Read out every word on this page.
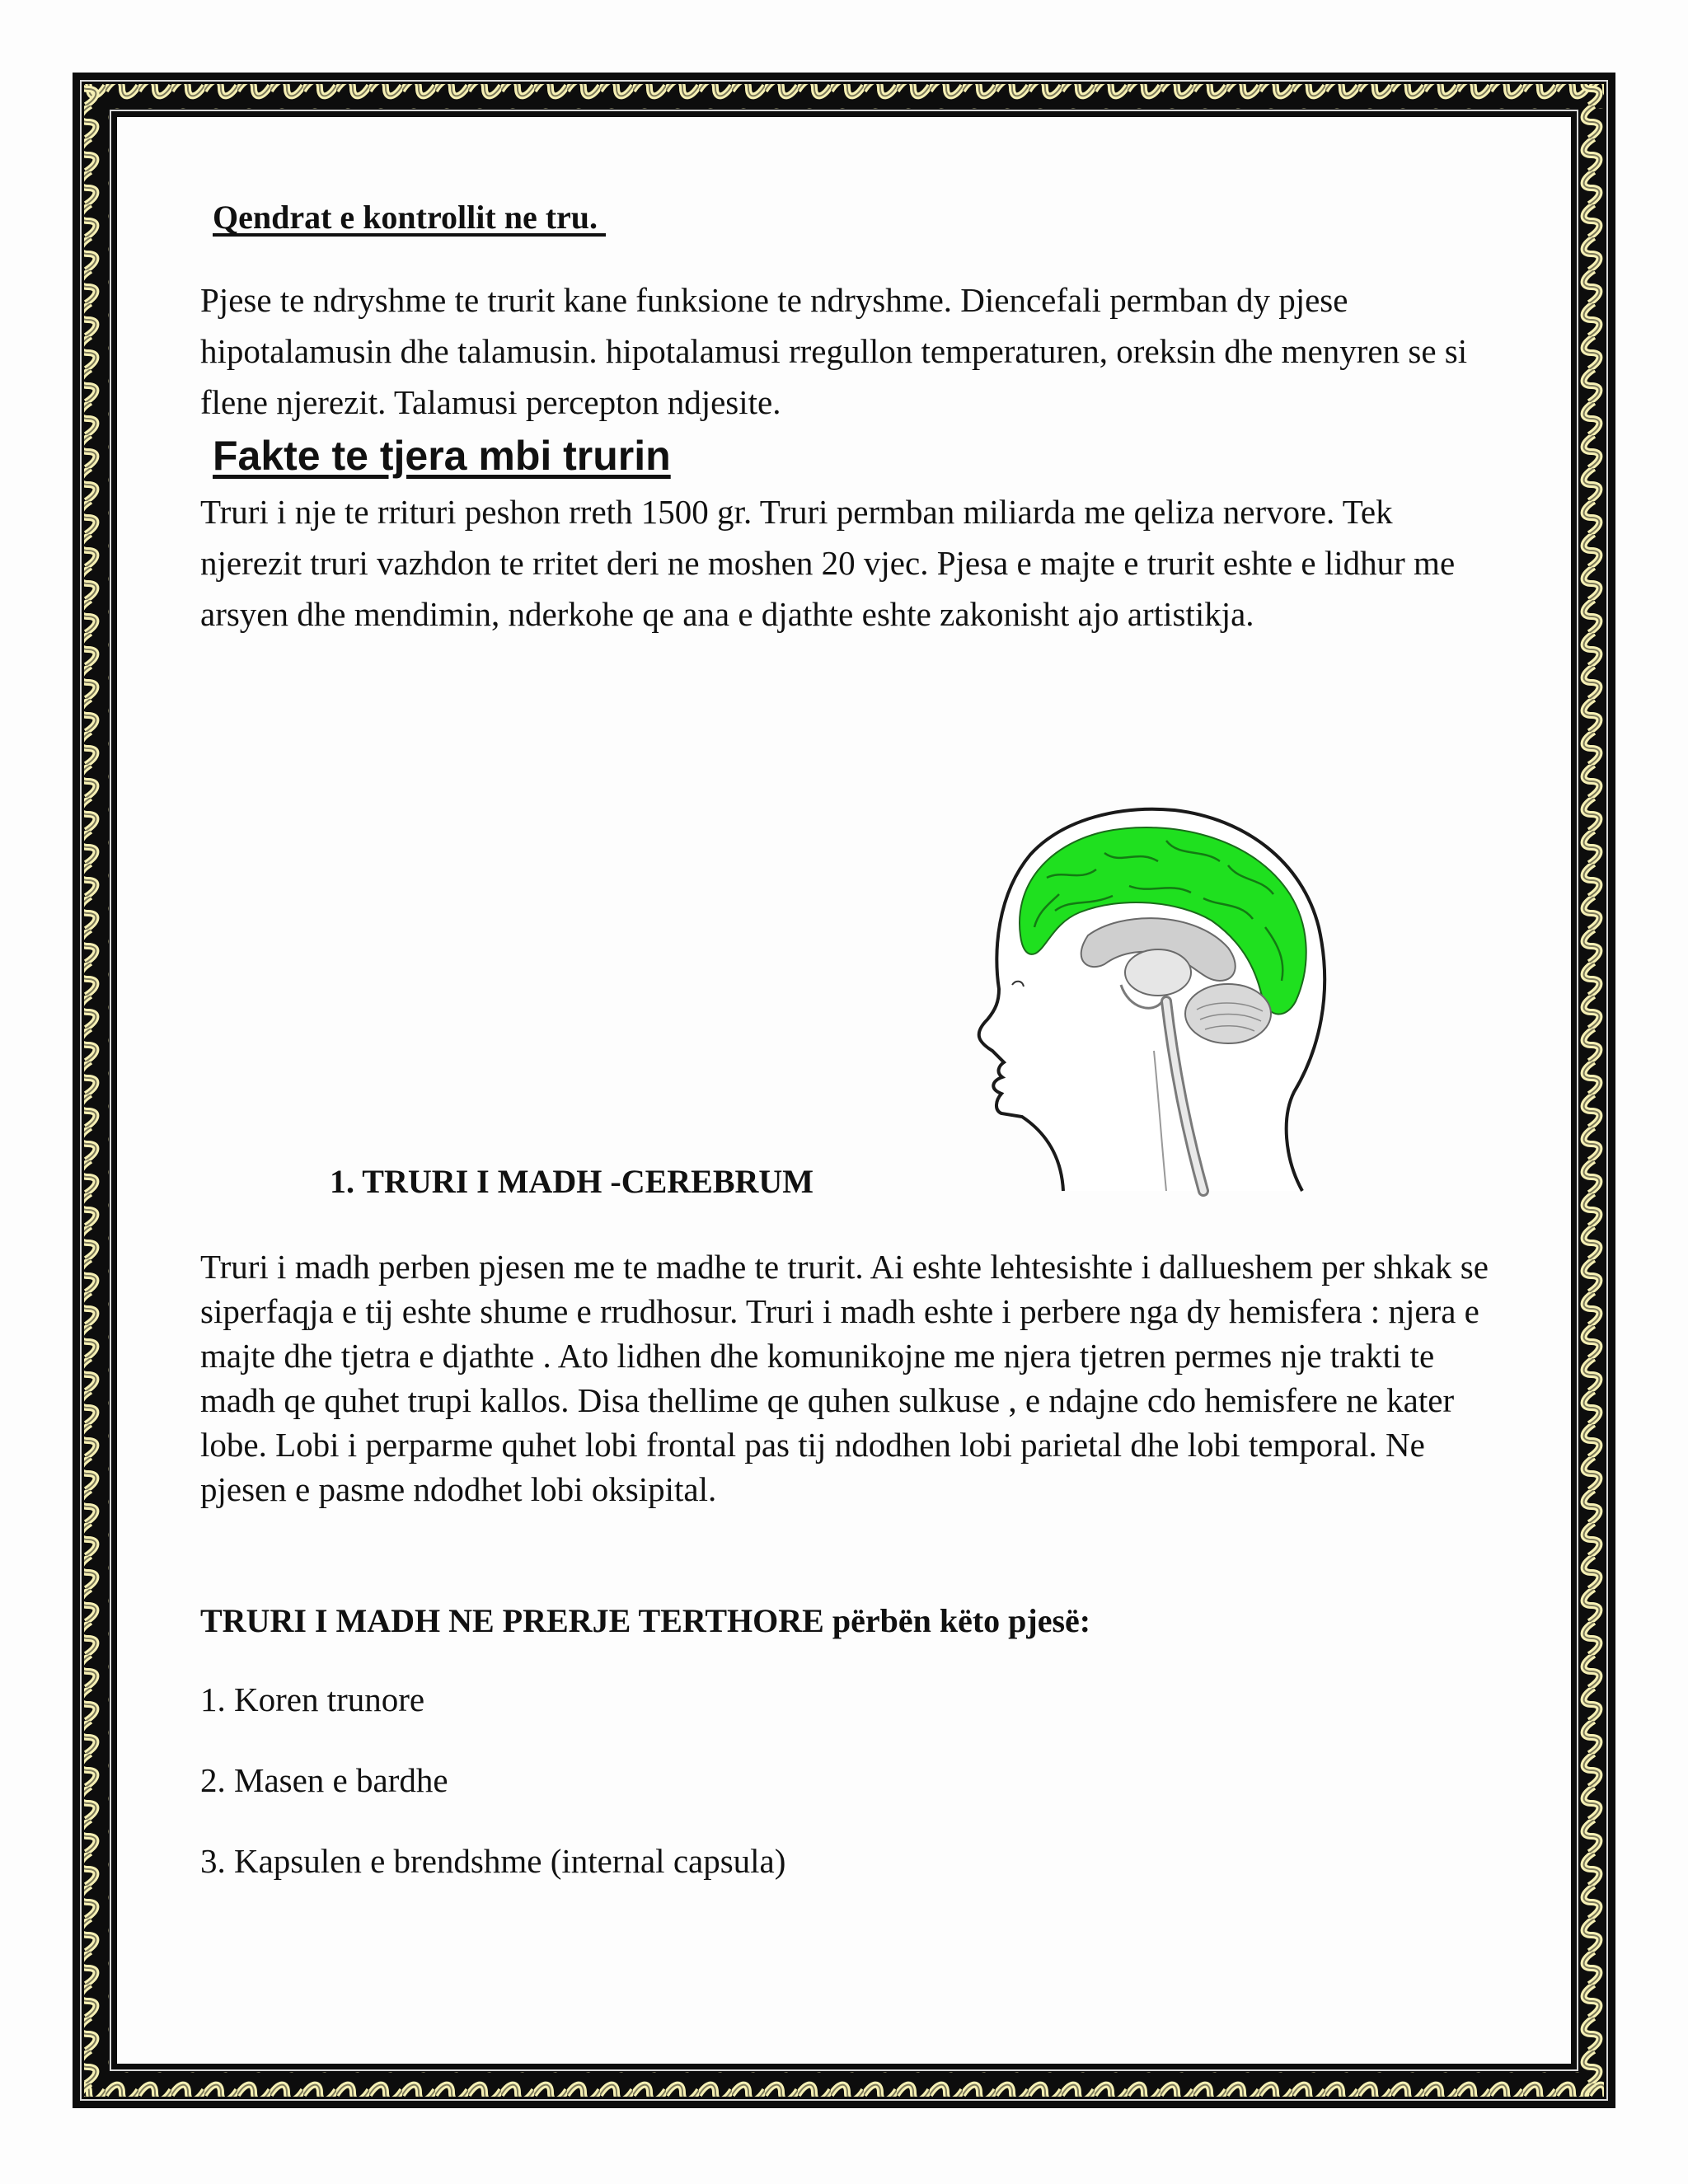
Qendrat e kontrollit ne tru.

Pjese te ndryshme te trurit kane funksione te ndryshme. Diencefali permban dy pjese hipotalamusin dhe talamusin. hipotalamusi rregullon temperaturen, oreksin dhe menyren se si flene njerezit. Talamusi percepton ndjesite.

Fakte te tjera mbi trurin

Truri i nje te rrituri peshon rreth 1500 gr. Truri permban miliarda me qeliza nervore. Tek njerezit truri vazhdon te rritet deri ne moshen 20 vjec. Pjesa e majte e trurit eshte e lidhur me arsyen dhe mendimin, nderkohe qe ana e djathte eshte zakonisht ajo artistikja.

1. TRURI I MADH -CEREBRUM

Truri i madh perben pjesen me te madhe te trurit. Ai eshte lehtesishte i dallueshem per shkak se siperfaqja e tij eshte shume e rrudhosur. Truri i madh eshte i perbere nga dy hemisfera : njera e majte dhe tjetra e djathte . Ato lidhen dhe komunikojne me njera tjetren permes nje trakti te madh qe quhet trupi kallos. Disa thellime qe quhen sulkuse , e ndajne cdo hemisfere ne kater lobe. Lobi i perparme quhet lobi frontal pas tij ndodhen lobi parietal dhe lobi temporal. Ne pjesen e pasme ndodhet lobi oksipital.

TRURI I MADH NE PRERJE TERTHORE përbën këto pjesë:
1. Koren trunore
2. Masen e bardhe
3. Kapsulen e brendshme (internal capsula)
